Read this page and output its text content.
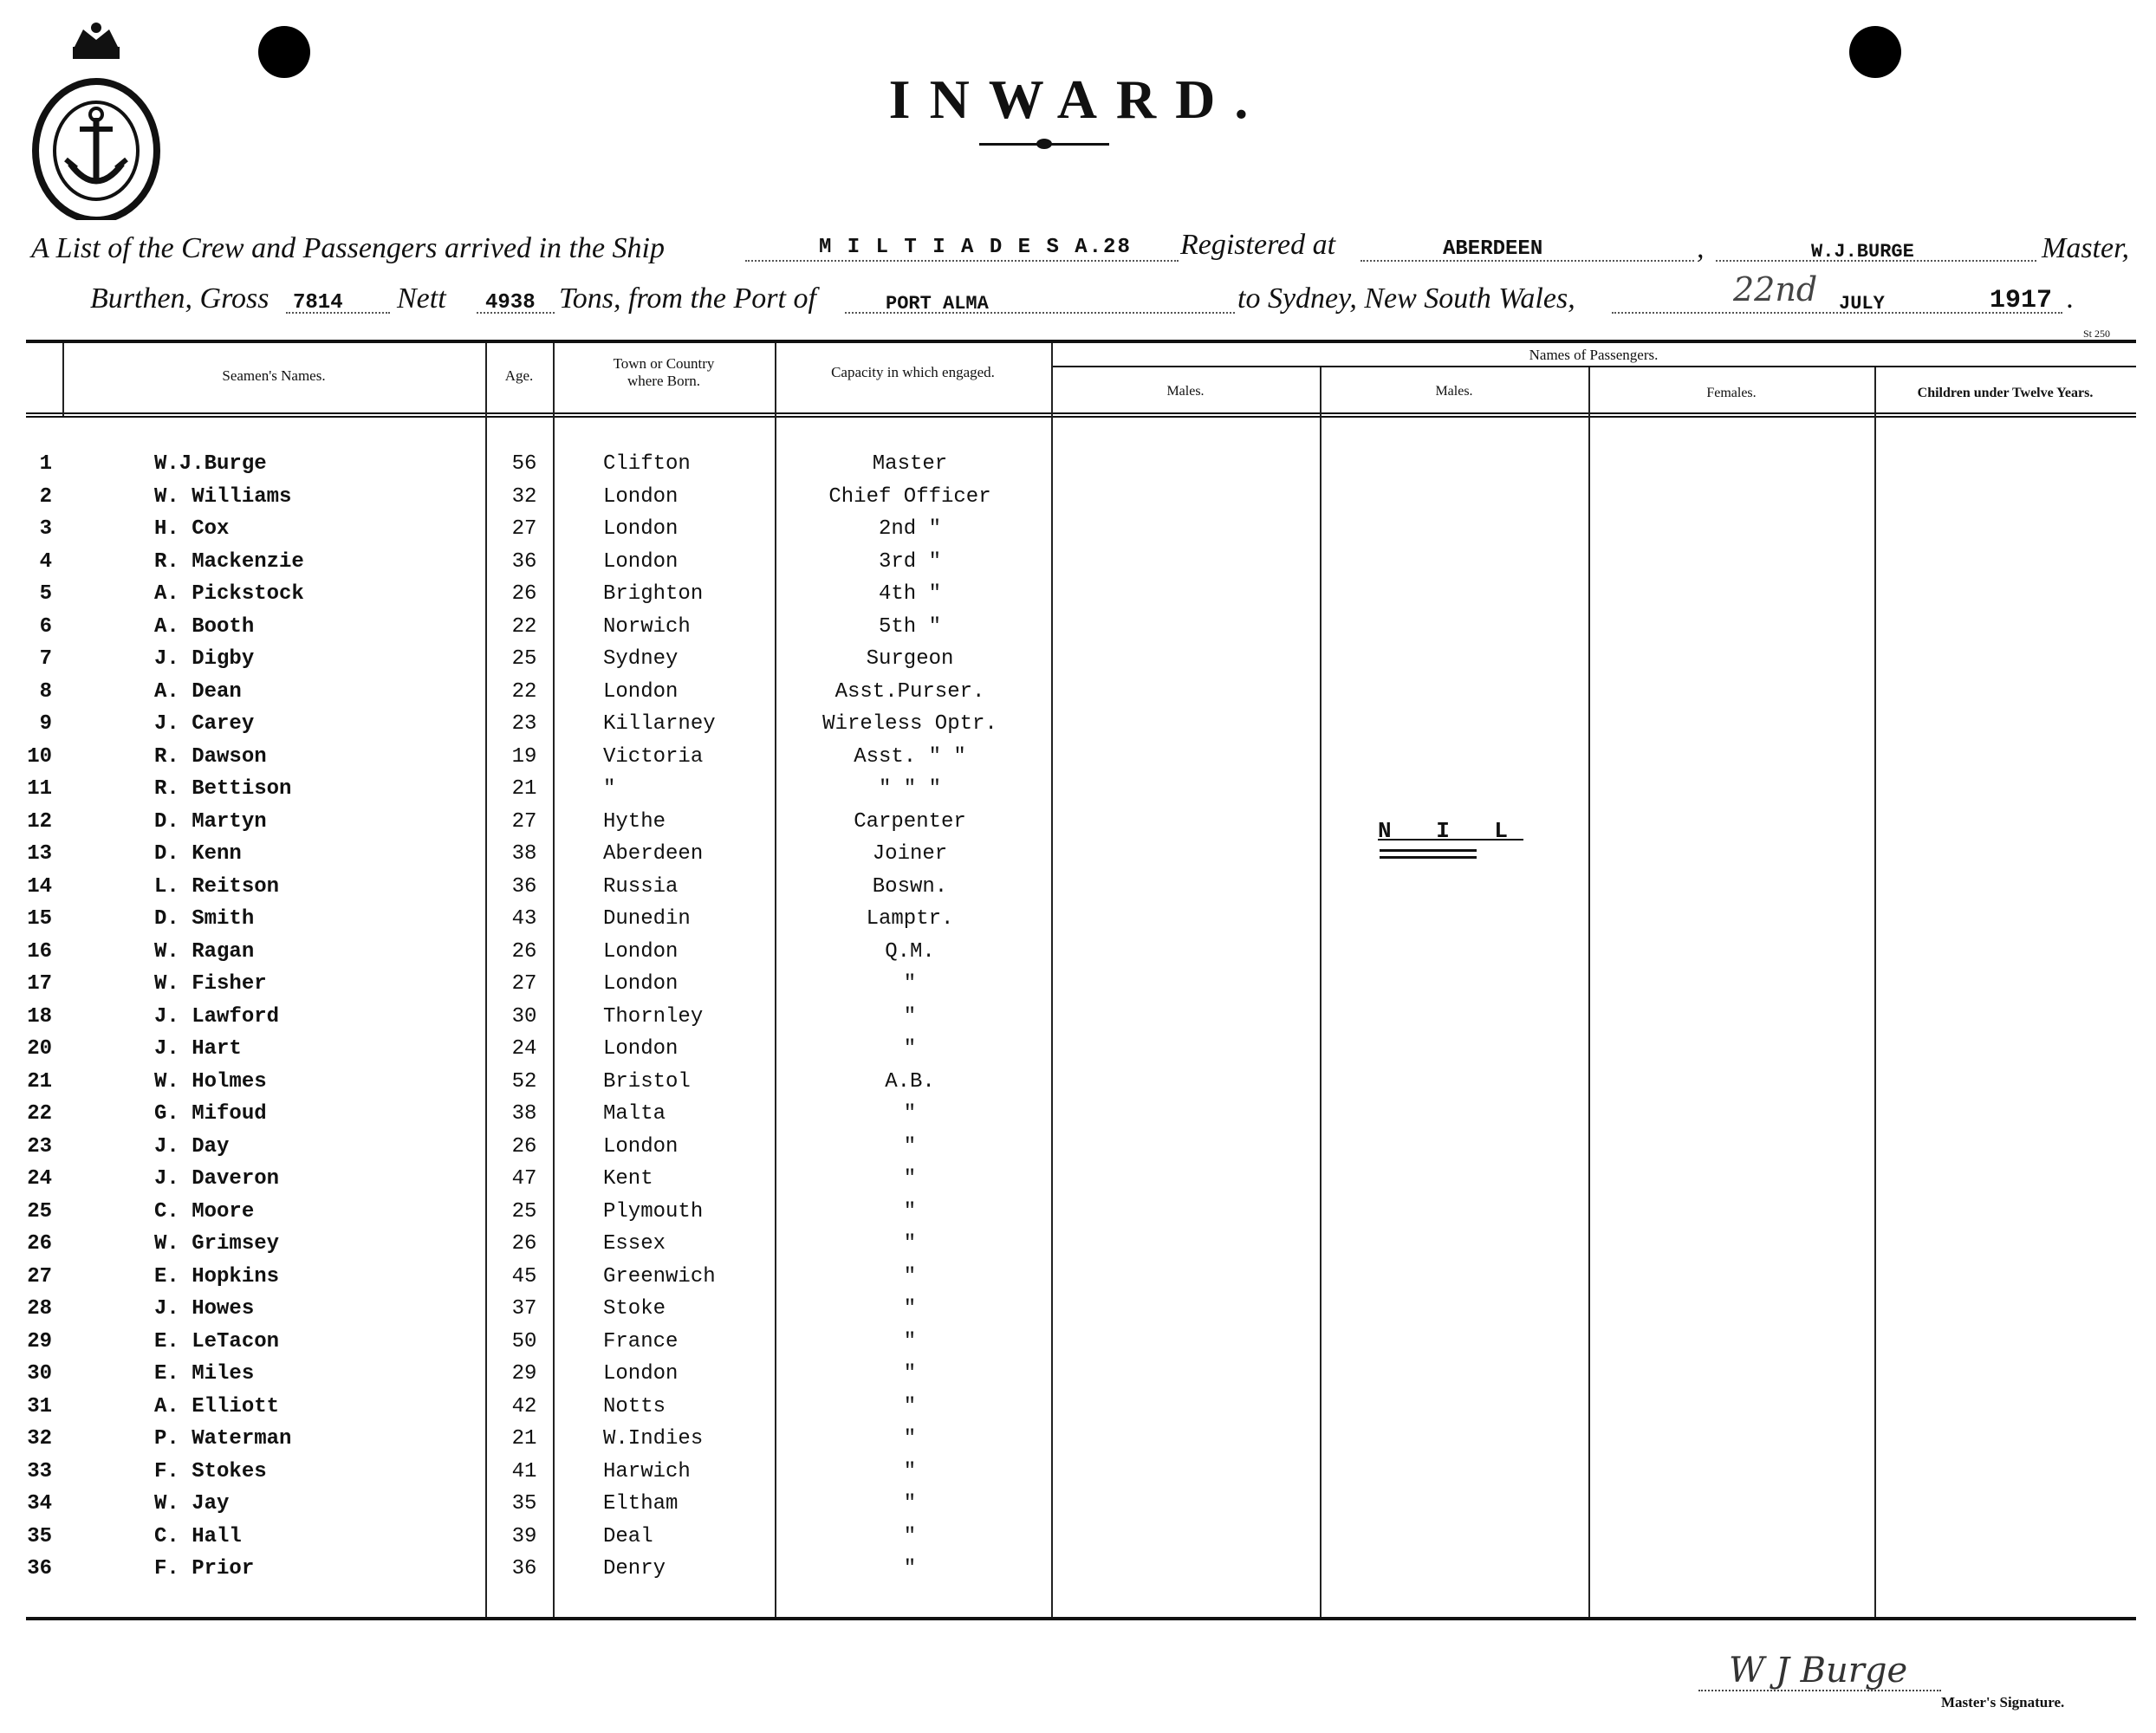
INWARD.
A List of the Crew and Passengers arrived in the Ship	M I L T I A D E S A.28 Registered at	ABERDEEN	,	W.J.BURGE	Master,
Burthen, Gross 7814 Nett 4938 Tons, from the Port of	PORT ALMA	to Sydney, New South Wales,	22nd JULY	1917 .
St 250
Seamen's Names.	Age.
Town or Country
where Born.
Capacity in which engaged.
Names of Passengers.
Males.	Males.	Females.	Children under Twelve Years.
1	W.J.Burge	56	Clifton	Master
2	W. Williams	32	London	Chief Officer
3	H. Cox	27	London	2nd "
4	R. Mackenzie	36	London	3rd "
5	A. Pickstock	26	Brighton	4th "
6	A. Booth	22	Norwich	5th "
7	J. Digby	25	Sydney	Surgeon
8	A. Dean	22	London	Asst.Purser.
9	J. Carey	23	Killarney	Wireless Optr.
10	R. Dawson	19	Victoria	Asst. " "
11	R. Bettison	21	"	" " "
12	D. Martyn	27	Hythe	Carpenter
13	D. Kenn	38	Aberdeen	Joiner
14	L. Reitson	36	Russia	Boswn.
15	D. Smith	43	Dunedin	Lamptr.
16	W. Ragan	26	London	Q.M.
17	W. Fisher	27	London	"
18	J. Lawford	30	Thornley	"
20	J. Hart	24	London	"
21	W. Holmes	52	Bristol	A.B.
22	G. Mifoud	38	Malta	"
23	J. Day	26	London	"
24	J. Daveron	47	Kent	"
25	C. Moore	25	Plymouth	"
26	W. Grimsey	26	Essex	"
27	E. Hopkins	45	Greenwich	"
28	J. Howes	37	Stoke	"
29	E. LeTacon	50	France	"
30	E. Miles	29	London	"
31	A. Elliott	42	Notts	"
32	P. Waterman	21	W.Indies	"
33	F. Stokes	41	Harwich	"
34	W. Jay	35	Eltham	"
35	C. Hall	39	Deal	"
36	F. Prior	36	Denry	"
N I L
W J Burge
Master's Signature.
